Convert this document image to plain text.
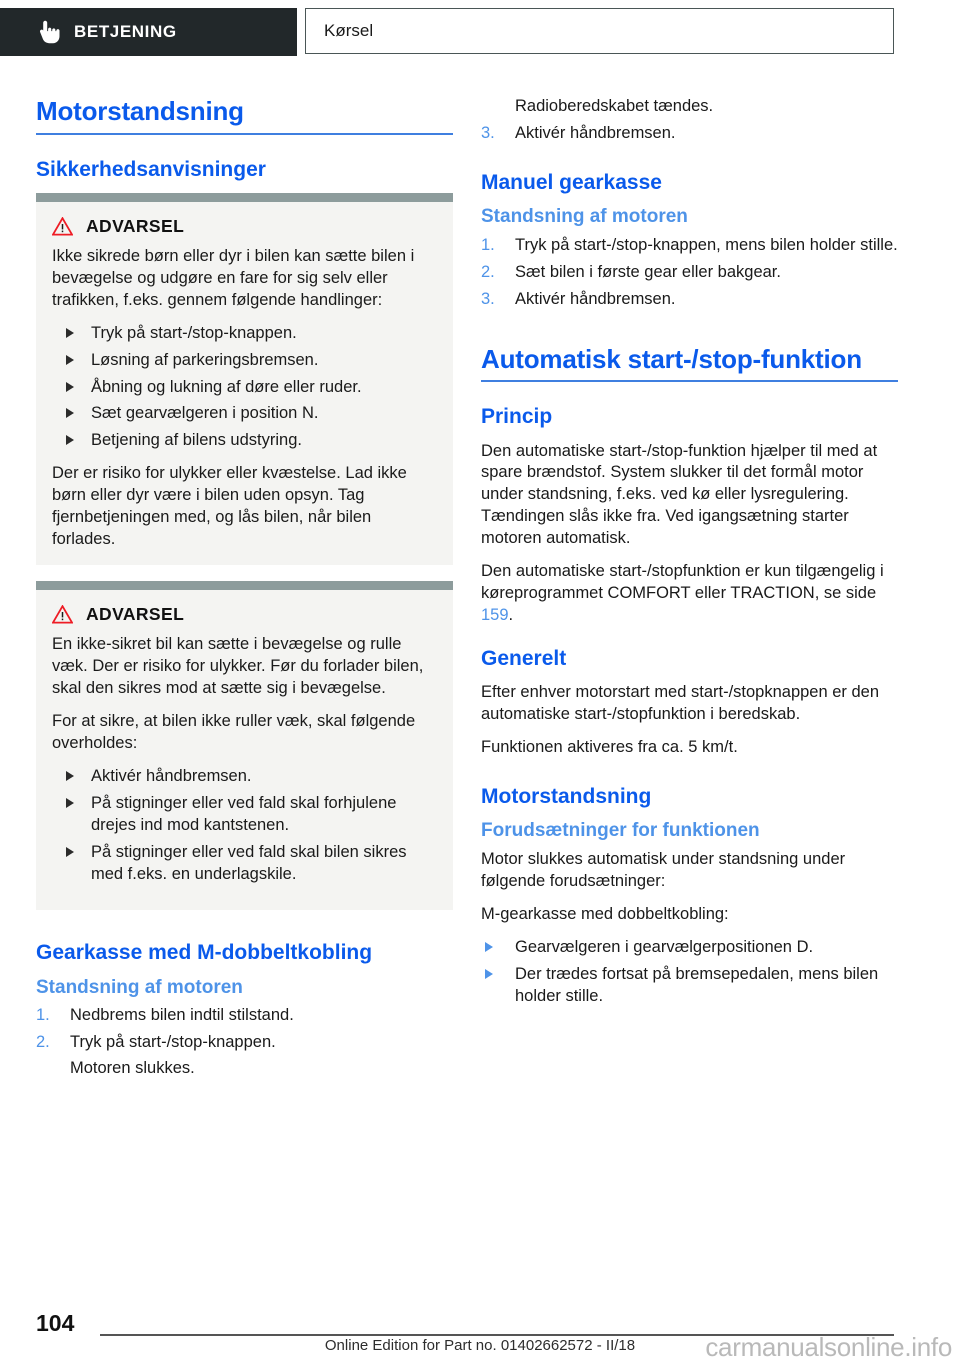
BETJENING	Kørsel
Motorstandsning
Sikkerhedsanvisninger
ADVARSEL

Ikke sikrede børn eller dyr i bilen kan sætte bilen i bevægelse og udgøre en fare for sig selv eller trafikken, f.eks. gennem følgende handlinger:

Tryk på start-/stop-knappen.
Løsning af parkeringsbremsen.
Åbning og lukning af døre eller ruder.
Sæt gearvælgeren i position N.
Betjening af bilens udstyring.

Der er risiko for ulykker eller kvæstelse. Lad ikke børn eller dyr være i bilen uden opsyn. Tag fjernbetjeningen med, og lås bilen, når bilen forlades.

ADVARSEL

En ikke-sikret bil kan sætte i bevægelse og rulle væk. Der er risiko for ulykker. Før du forlader bilen, skal den sikres mod at sætte sig i bevægelse.

For at sikre, at bilen ikke ruller væk, skal følgende overholdes:

Aktivér håndbremsen.
På stigninger eller ved fald skal forhjulene drejes ind mod kantstenen.
På stigninger eller ved fald skal bilen sikres med f.eks. en underlagskile.
Gearkasse med M-dobbeltkobling
Standsning af motoren
1.	Nedbrems bilen indtil stilstand.
2.	Tryk på start-/stop-knappen.
Motoren slukkes.
Radioberedskabet tændes.
3.	Aktivér håndbremsen.
Manuel gearkasse
Standsning af motoren
1.	Tryk på start-/stop-knappen, mens bilen holder stille.
2.	Sæt bilen i første gear eller bakgear.
3.	Aktivér håndbremsen.
Automatisk start-/stop-funktion
Princip

Den automatiske start-/stop-funktion hjælper til med at spare brændstof. System slukker til det formål motor under standsning, f.eks. ved kø eller lysregulering. Tændingen slås ikke fra. Ved igangsætning starter motoren automatisk.

Den automatiske start-/stopfunktion er kun tilgængelig i køreprogrammet COMFORT eller TRACTION, se side 159.

Generelt

Efter enhver motorstart med start-/stopknappen er den automatiske start-/stopfunktion i beredskab.

Funktionen aktiveres fra ca. 5 km/t.

Motorstandsning
Forudsætninger for funktionen

Motor slukkes automatisk under standsning under følgende forudsætninger:

M-gearkasse med dobbeltkobling:

Gearvælgeren i gearvælgerpositionen D.
Der trædes fortsat på bremsepedalen, mens bilen holder stille.
104
Online Edition for Part no. 01402662572 - II/18	carmanualsonline.info
